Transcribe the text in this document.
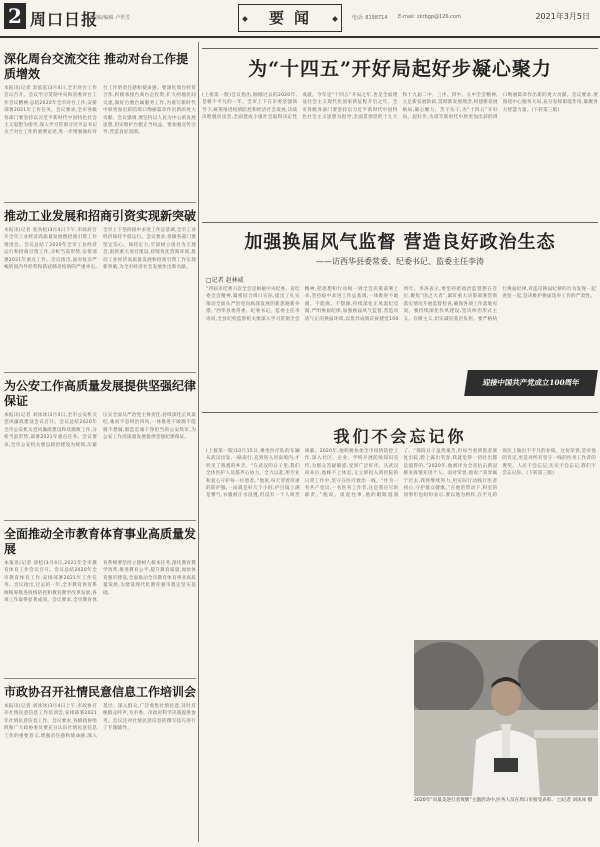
2 周口日报
编辑/编辑 卢世芳	要闻	电话: 8198714 E-mail: zkrbgp@126.com	2021年3月5日
深化周台交流交往 推动对台工作提质增效
本报讯(记者 余依依)3月4日,全市对台工作会议召开。会议学习贯彻中央和省委对台工作会议精神,总结2020年全市对台工作,安排部署2021年工作任务。会议要求,全市各级各部门要坚持以习近平新时代中国特色社会主义思想为指导,深入学习贯彻习近平总书记关于对台工作的重要论述,进一步增强做好对台工作的责任感和使命感。要深化周台经贸合作,积极承接台商台企投资,扩大两地民间交流,做好台胞台属服务工作,为谱写新时代中原更加出彩的周口绚丽篇章作出新的更大贡献。会议强调,要坚持以人民为中心的发展思想,切实维护台胞正当权益。要加强宣传引导,营造良好氛围。
推动工业发展和招商引资实现新突破
本报讯(记者 张劲松)3月4日下午,市政府召开全市工业经济高质量发展暨招商引资工作推进会。会议总结了2020年全市工业经济运行和招商引资工作,分析当前形势,安排部署2021年重点工作。会议指出,面对复杂严峻的国内外形势和新冠肺炎疫情的严重冲击,全市上下坚持稳中求进工作总基调,全市工业经济保持平稳运行。会议要求,各级各部门要坚定信心、保持定力,牢固树立项目为王理念,狠抓重大项目建设,持续优化营商环境,推动工业经济高质量发展和招商引资工作实现新突破,为全市经济社会发展作出新贡献。
为公安工作高质量发展提供坚强纪律保证
本报讯(记者 刘冰冰)3月4日,全市公安机关党风廉政建设会议召开。会议总结2020年全市公安机关党风廉政建设和反腐败工作,分析当前形势,部署2021年重点任务。会议要求,全市公安机关要以政治建设为统领,压紧压实全面从严治党主体责任,持续深化正风肃纪,驰而不息纠治四风,一体推进不敢腐不能腐不想腐,锻造忠诚干净担当的公安铁军,为公安工作高质量发展提供坚强纪律保证。
全面推动全市教育体育事业高质量发展
本报讯(记者 徐松)3月4日,2021年全市教育体育工作会议召开。会议总结2020年全市教育体育工作,安排部署2021年工作任务。会议指出,过去的一年,全市教育体育系统统筹推进疫情防控和教育教学改革发展,各项工作取得显著成效。会议要求,全市教育体育系统要坚持立德树人根本任务,深化教育教学改革,推进教育公平,提升教育质量,加快体育强市建设,全面推动全市教育体育事业高质量发展,为建设现代化教育强市奠定坚实基础。
市政协召开社情民意信息工作培训会
本报讯(记者 刘冰冰)3月4日上午,市政协召开社情民意信息工作培训会,安排部署2021年社情民意信息工作。会议要求,各级政协组织和广大政协委员要充分认识社情民意信息工作的重要意义,增强责任感和使命感,深入基层、深入群众,广泛收集社情民意,及时反映群众呼声,为市委、市政府科学决策提供参考。会议还对社情民意信息的撰写技巧进行了专题辅导。
为“十四五”开好局起好步凝心聚力
(上接第一版)会议指出,刚刚过去的2020年,是极不平凡的一年。全市上下在市委坚强领导下,统筹推进疫情防控和经济社会发展,决战决胜脱贫攻坚,全面建成小康社会取得决定性成就。今年是“十四五”开局之年,也是全面建设社会主义现代化国家新征程开启之年。全市各级各部门要坚持以习近平新时代中国特色社会主义思想为指导,全面贯彻党的十九大和十九届二中、三中、四中、五中全会精神,立足新发展阶段,贯彻新发展理念,构建新发展格局,凝心聚力、苦干实干,为“十四五”开好局、起好步,为谱写新时代中原更加出彩的周口绚丽篇章作出新的更大贡献。会议要求,要围绕中心服务大局,充分发挥职能作用,凝聚各方智慧力量。(下转第三版)
加强换届风气监督 营造良好政治生态
——访西华县委常委、纪委书记、监委主任李涛
□记者 赵林威
“四届市纪委六次全会是根据中央纪委、省纪委全会精神,紧密结合周口实际,提出了扎实推动全面从严治党向纵深发展的新思路新举措。”西华县委常委、纪委书记、监委主任李涛说,全县纪检监察机关要深入学习贯彻全会精神,把思想和行动统一到全会决策部署上来,坚持稳中求进工作总基调,一体推进不敢腐、不能腐、不想腐,持续深化正风肃纪反腐,严明换届纪律,加强换届风气监督,营造风清气正的换届环境,以优异成绩庆祝建党100周年。李涛表示,要坚持把政治监督摆在首位,聚焦“国之大者”,紧盯重大决策部署贯彻落实情况开展监督检查,确保各项工作落地见效。要持续深化作风建设,坚决纠治形式主义、官僚主义,切实减轻基层负担。要严格执行换届纪律,对违反换届纪律的行为发现一起查处一起,坚决维护换届选举工作的严肃性。
迎接中国共产党成立100周年
我们不会忘记你
(上接第一版)10月15日,乘坐医疗队的车辆从武汉出发,一路南行,直到进入河南境内,才听见了熟悉的乡音。“在武汉的日子里,我们全体医护人员都齐心协力、全力以赴,用专业和爱心守护每一位患者。”他说,每天穿着厚重的防护服,一站就是好几个小时,护目镜上满是雾气,衣服被汗水浸透,但没有一个人叫苦叫累。2020年,他积极参加全市疫情防控工作,深入社区、企业、学校开展防疫知识宣传,为群众答疑解惑,受到广泛好评。从武汉回来后,他顾不上休息,又立即投入到医院的日常工作中,坚守在医疗救治一线。“作为一名共产党员,一名医务工作者,这是我应尽的职责。”他说。谈起往事,他的眼眶湿润了。“那段日子虽然艰苦,但每当看到患者康复出院,脸上露出笑容,我就觉得一切付出都是值得的。”2020年,他被评为全省抗击新冠肺炎疫情先进个人。面对荣誉,他说:“荣誉属于过去,我将继续努力,用实际行动践行医者初心,守护群众健康。”在他的带动下,科室的同事们也纷纷表示,要以他为榜样,在平凡的岗位上做出不平凡的业绩。这份荣誉,是对他的肯定,更是对所有坚守一线的医务工作者的褒奖。人民不会忘记,历史不会忘记,我们不会忘记你。(下转第三版)
2020年“向最美逆行者致敬”主题活动中,医务人员在周口市接受表彰。 □记者 刘冰冰 摄
